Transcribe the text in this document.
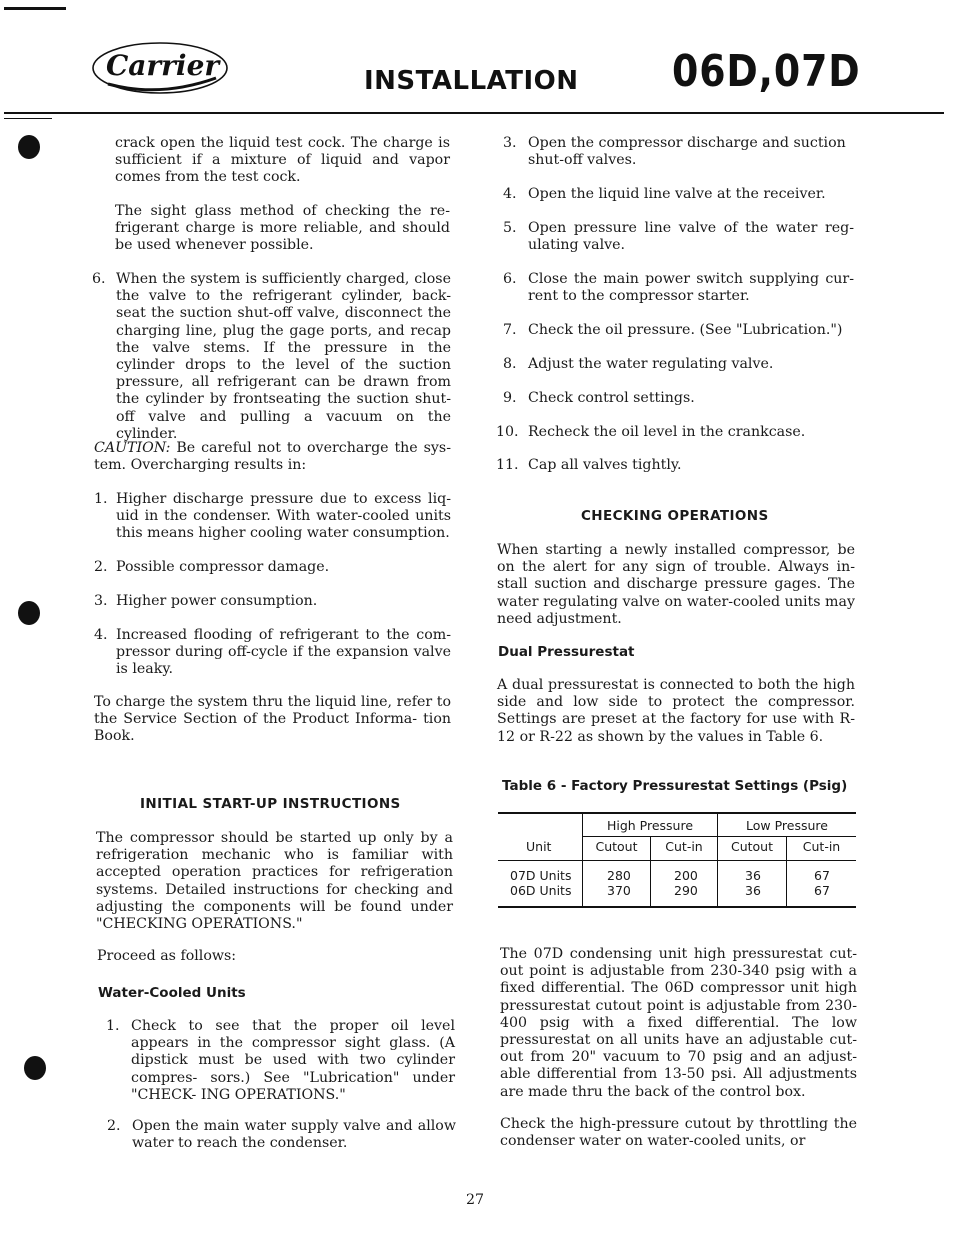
Carrier	INSTALLATION 06D,07D

crack open the liquid test cock. The charge is sufficient if a mixture of liquid and vapor comes from the test cock.

The sight glass method of checking the re- frigerant charge is more reliable, and should be used whenever possible.

6. When the system is sufficiently charged, close the valve to the refrigerant cylinder, back- seat the suction shut-off valve, disconnect the charging line, plug the gage ports, and recap the valve stems. If the pressure in the cylinder drops to the level of the suction pressure, all refrigerant can be drawn from the cylinder by frontseating the suction shut- off valve and pulling a vacuum on the cylinder.

CAUTION: Be careful not to overcharge the sys- tem. Overcharging results in:

1. Higher discharge pressure due to excess liq- uid in the condenser. With water-cooled units this means higher cooling water consumption.

2. Possible compressor damage.

3. Higher power consumption.

4. Increased flooding of refrigerant to the com- pressor during off-cycle if the expansion valve is leaky.

To charge the system thru the liquid line, refer to the Service Section of the Product Informa- tion Book.

INITIAL START-UP INSTRUCTIONS

The compressor should be started up only by a refrigeration mechanic who is familiar with accepted operation practices for refrigeration systems. Detailed instructions for checking and adjusting the components will be found under "CHECKING OPERATIONS."

Proceed as follows:

Water-Cooled Units
1. Check to see that the proper oil level appears in the compressor sight glass. (A dipstick must be used with two cylinder compres- sors.) See "Lubrication" under "CHECK- ING OPERATIONS."

2. Open the main water supply valve and allow water to reach the condenser.

3. Open the compressor discharge and suction shut-off valves.

4. Open the liquid line valve at the receiver.

5. Open pressure line valve of the water reg- ulating valve.

6. Close the main power switch supplying cur- rent to the compressor starter.

7. Check the oil pressure. (See "Lubrication.")

8. Adjust the water regulating valve.

9. Check control settings.

10. Recheck the oil level in the crankcase.

11. Cap all valves tightly.

CHECKING OPERATIONS

When starting a newly installed compressor, be on the alert for any sign of trouble. Always in- stall suction and discharge pressure gages. The water regulating valve on water-cooled units may need adjustment.

Dual Pressurestat

A dual pressurestat is connected to both the high side and low side to protect the compressor. Settings are preset at the factory for use with R-12 or R-22 as shown by the values in Table 6.

Table 6 - Factory Pressurestat Settings (Psig)
Unit
High Pressure	Low Pressure
Cutout	Cut-in	Cutout	Cut-in
07D Units	280	200	36	67
06D Units	370	290	36	67

The 07D condensing unit high pressurestat cut- out point is adjustable from 230-340 psig with a fixed differential. The 06D compressor unit high pressurestat cutout point is adjustable from 230-400 psig with a fixed differential. The low pressurestat on all units have an adjustable cut- out from 20" vacuum to 70 psig and an adjust- able differential from 13-50 psi. All adjustments are made thru the back of the control box.

Check the high-pressure cutout by throttling the condenser water on water-cooled units, or

27
